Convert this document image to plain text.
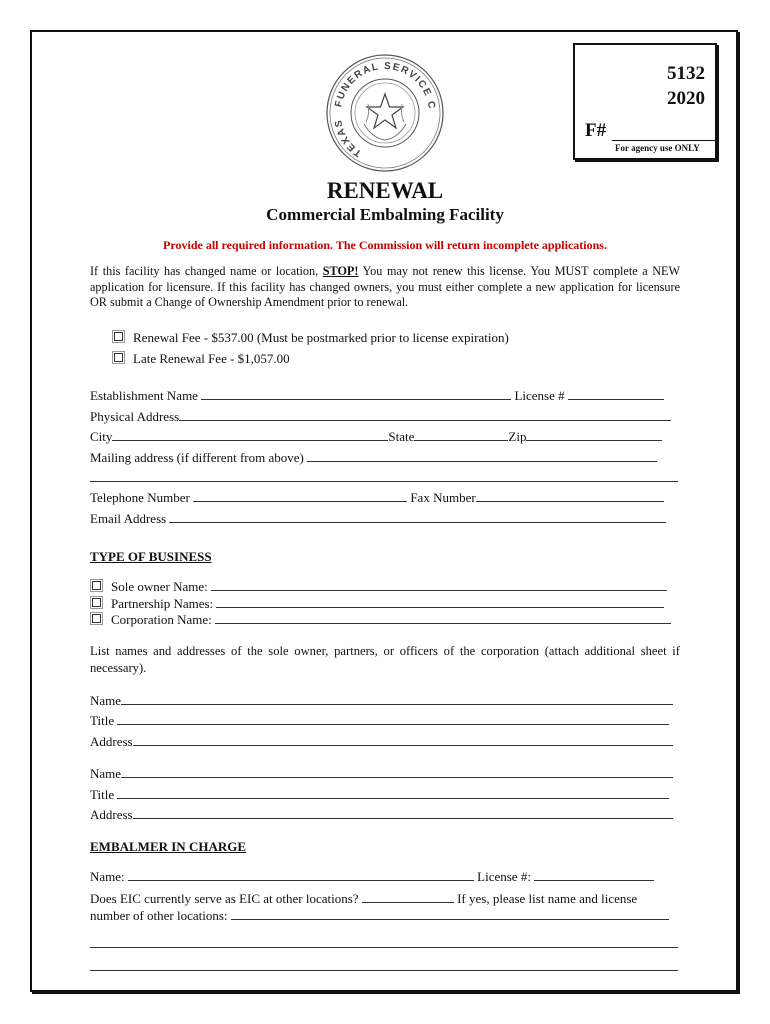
FUNERAL SERVICE C
TEXAS
5132
2020
F#
For agency use ONLY
RENEWAL
Commercial Embalming Facility
Provide all required information. The Commission will return incomplete applications.
If this facility has changed name or location, STOP! You may not renew this license. You MUST complete a NEW application for licensure. If this facility has changed owners, you must either complete a new application for licensure OR submit a Change of Ownership Amendment prior to renewal.
Renewal Fee - $537.00 (Must be postmarked prior to license expiration)
Late Renewal Fee - $1,057.00
Establishment Name	License #
Physical Address
City	State	Zip
Mailing address (if different from above)
Telephone Number	Fax Number
Email Address
TYPE OF BUSINESS
Sole owner Name:
Partnership Names:
Corporation Name:
List names and addresses of the sole owner, partners, or officers of the corporation (attach additional sheet if necessary).
Name
Title
Address
Name
Title
Address
EMBALMER IN CHARGE
Name:	License #:
Does EIC currently serve as EIC at other locations?	If yes, please list name and license
number of other locations:
